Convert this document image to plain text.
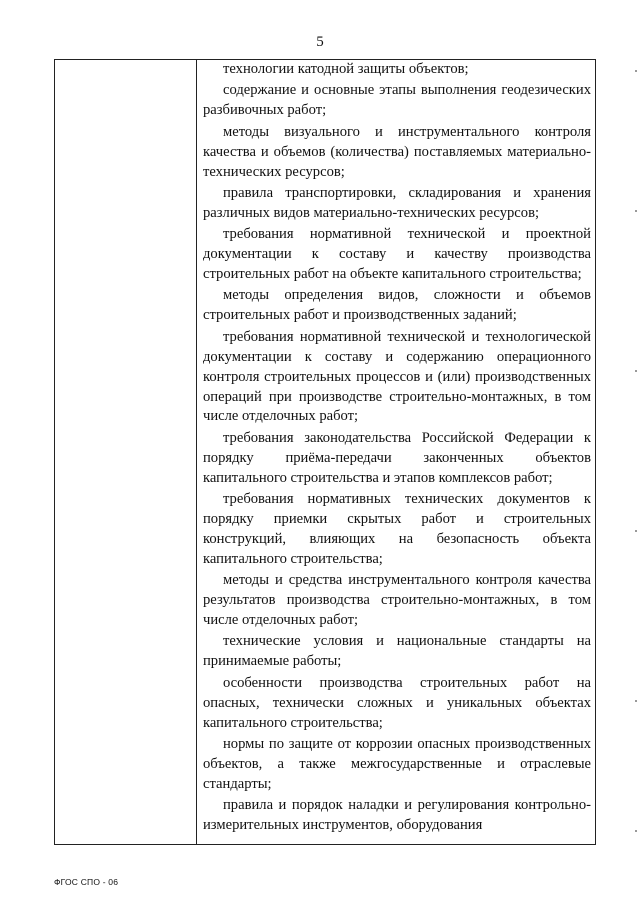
5

технологии катодной защиты объектов;

содержание и основные этапы выполнения геодезических разбивочных работ;

методы визуального и инструментального контроля качества и объемов (количества) поставляемых материально-технических ресурсов;

правила транспортировки, складирования и хранения различных видов материально-технических ресурсов;

требования нормативной технической и проектной документации к составу и качеству производства строительных работ на объекте капитального строительства;

методы определения видов, сложности и объемов строительных работ и производственных заданий;

требования нормативной технической и технологической документации к составу и содержанию операционного контроля строительных процессов и (или) производственных операций при производстве строительно-монтажных, в том числе отделочных работ;

требования законодательства Российской Федерации к порядку приёма-передачи законченных объектов капитального строительства и этапов комплексов работ;

требования нормативных технических документов к порядку приемки скрытых работ и строительных конструкций, влияющих на безопасность объекта капитального строительства;

методы и средства инструментального контроля качества результатов производства строительно-монтажных, в том числе отделочных работ;

технические условия и национальные стандарты на принимаемые работы;

особенности производства строительных работ на опасных, технически сложных и уникальных объектах капитального строительства;

нормы по защите от коррозии опасных производственных объектов, а также межгосударственные и отраслевые стандарты;

правила и порядок наладки и регулирования контрольно-измерительных инструментов, оборудования

ФГОС СПО - 06
